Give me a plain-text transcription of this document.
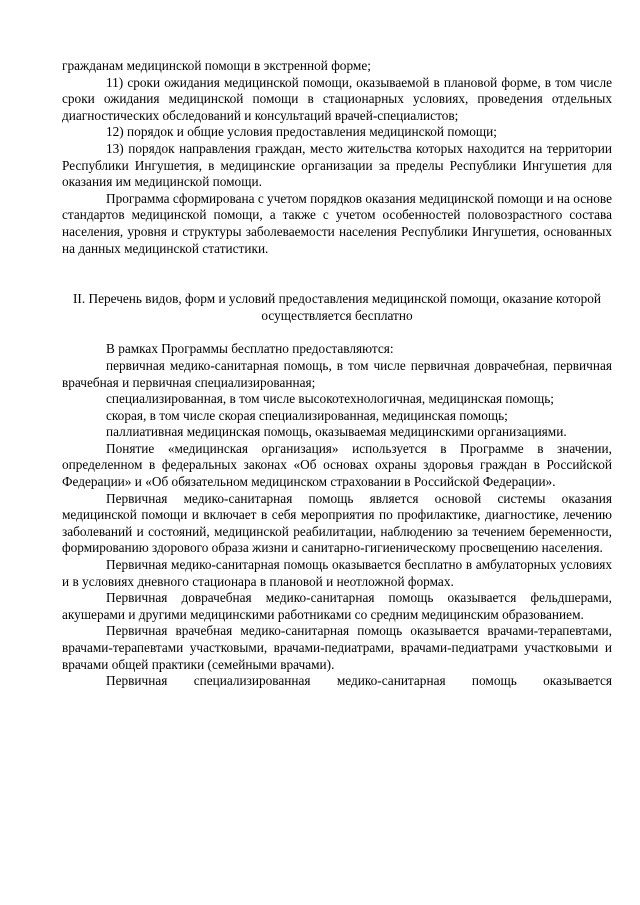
гражданам медицинской помощи в экстренной форме;

11) сроки ожидания медицинской помощи, оказываемой в плановой форме, в том числе сроки ожидания медицинской помощи в стационарных условиях, проведения отдельных диагностических обследований и консультаций врачей-специалистов;

12) порядок и общие условия предоставления медицинской помощи;

13) порядок направления граждан, место жительства которых находится на территории Республики Ингушетия, в медицинские организации за пределы Республики Ингушетия для оказания им медицинской помощи.

Программа сформирована с учетом порядков оказания медицинской помощи и на основе стандартов медицинской помощи, а также с учетом особенностей половозрастного состава населения, уровня и структуры заболеваемости населения Республики Ингушетия, основанных на данных медицинской статистики.

II. Перечень видов, форм и условий предоставления медицинской помощи, оказание которой осуществляется бесплатно

В рамках Программы бесплатно предоставляются:

первичная медико-санитарная помощь, в том числе первичная доврачебная, первичная врачебная и первичная специализированная;

специализированная, в том числе высокотехнологичная, медицинская помощь;

скорая, в том числе скорая специализированная, медицинская помощь;

паллиативная медицинская помощь, оказываемая медицинскими организациями.

Понятие «медицинская организация» используется в Программе в значении, определенном в федеральных законах «Об основах охраны здоровья граждан в Российской Федерации» и «Об обязательном медицинском страховании в Российской Федерации».

Первичная медико-санитарная помощь является основой системы оказания медицинской помощи и включает в себя мероприятия по профилактике, диагностике, лечению заболеваний и состояний, медицинской реабилитации, наблюдению за течением беременности, формированию здорового образа жизни и санитарно-гигиеническому просвещению населения.

Первичная медико-санитарная помощь оказывается бесплатно в амбулаторных условиях и в условиях дневного стационара в плановой и неотложной формах.

Первичная доврачебная медико-санитарная помощь оказывается фельдшерами, акушерами и другими медицинскими работниками со средним медицинским образованием.

Первичная врачебная медико-санитарная помощь оказывается врачами-терапевтами, врачами-терапевтами участковыми, врачами-педиатрами, врачами-педиатрами участковыми и врачами общей практики (семейными врачами).

Первичная специализированная медико-санитарная помощь оказывается
